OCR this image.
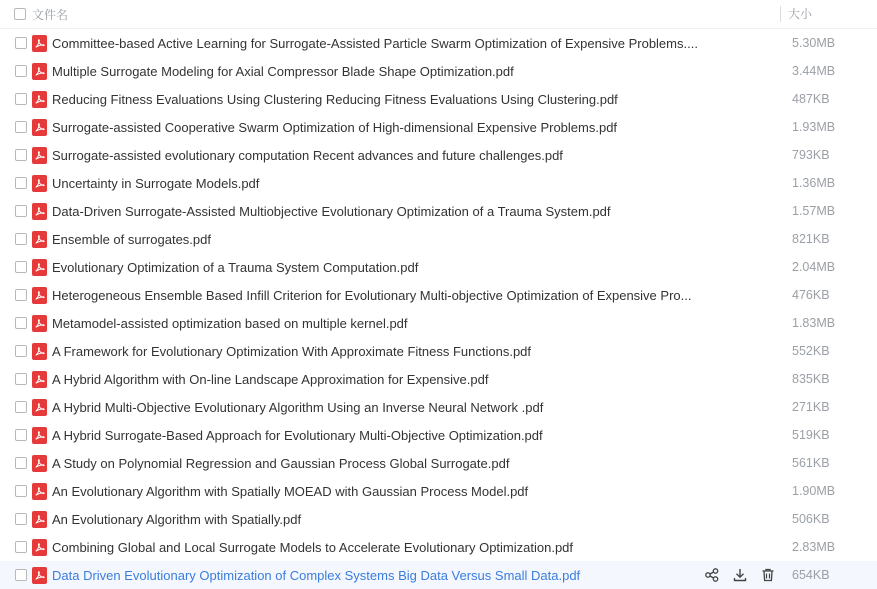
文件名	大小
Committee-based Active Learning for Surrogate-Assisted Particle Swarm Optimization of Expensive Problems....	5.30MB
Multiple Surrogate Modeling for Axial Compressor Blade Shape Optimization.pdf	3.44MB
Reducing Fitness Evaluations Using Clustering Reducing Fitness Evaluations Using Clustering.pdf	487KB
Surrogate-assisted Cooperative Swarm Optimization of High-dimensional Expensive Problems.pdf	1.93MB
Surrogate-assisted evolutionary computation Recent advances and future challenges.pdf	793KB
Uncertainty in Surrogate Models.pdf	1.36MB
Data-Driven Surrogate-Assisted Multiobjective Evolutionary Optimization of a Trauma System.pdf	1.57MB
Ensemble of surrogates.pdf	821KB
Evolutionary Optimization of a Trauma System Computation.pdf	2.04MB
Heterogeneous Ensemble Based Infill Criterion for Evolutionary Multi-objective Optimization of Expensive Pro...	476KB
Metamodel-assisted optimization based on multiple kernel.pdf	1.83MB
A Framework for Evolutionary Optimization With Approximate Fitness Functions.pdf	552KB
A Hybrid Algorithm with On-line Landscape Approximation for Expensive.pdf	835KB
A Hybrid Multi-Objective Evolutionary Algorithm Using an Inverse Neural Network .pdf	271KB
A Hybrid Surrogate-Based Approach for Evolutionary Multi-Objective Optimization.pdf	519KB
A Study on Polynomial Regression and Gaussian Process Global Surrogate.pdf	561KB
An Evolutionary Algorithm with Spatially MOEAD with Gaussian Process Model.pdf	1.90MB
An Evolutionary Algorithm with Spatially.pdf	506KB
Combining Global and Local Surrogate Models to Accelerate Evolutionary Optimization.pdf	2.83MB
Data Driven Evolutionary Optimization of Complex Systems Big Data Versus Small Data.pdf	654KB
